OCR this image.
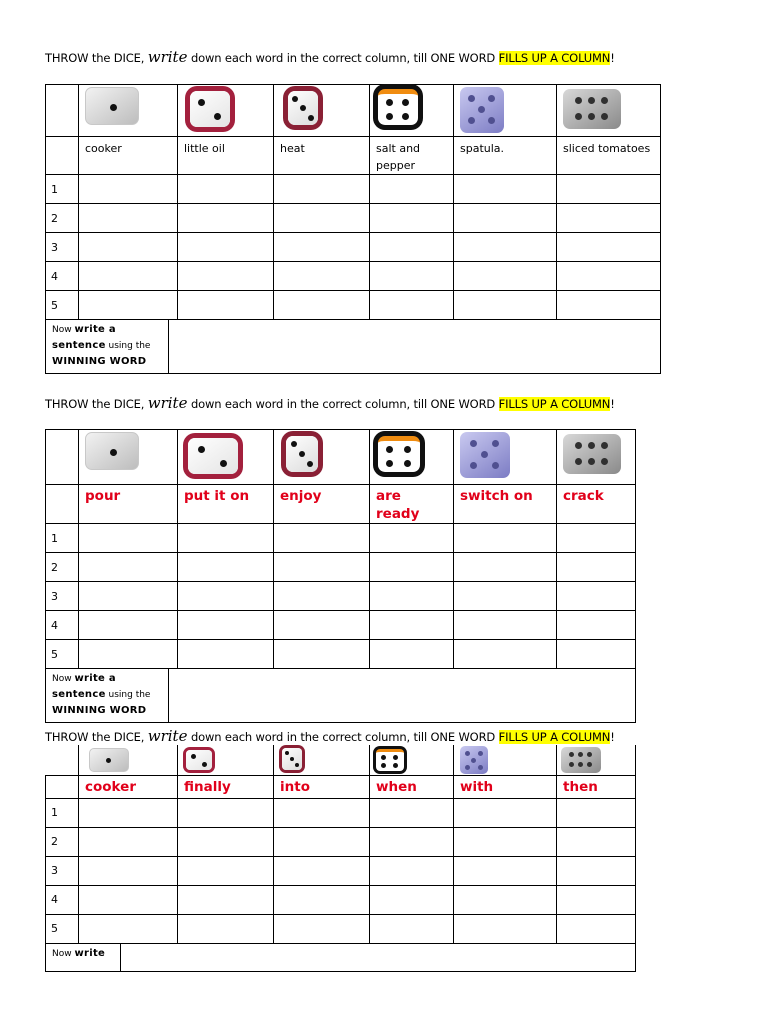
THROW the DICE, write down each word in the correct column, till ONE WORD FILLS UP A COLUMN!

	cooker	little oil	heat	salt and pepper	spatula.	sliced tomatoes
1						
2						
3						
4						
5						
Now write a
sentence using the
WINNING WORD	
THROW the DICE, write down each word in the correct column, till ONE WORD FILLS UP A COLUMN!

	pour	put it on	enjoy	are ready	switch on	crack
1						
2						
3						
4						
5						
Now write a
sentence using the
WINNING WORD	
THROW the DICE, write down each word in the correct column, till ONE WORD FILLS UP A COLUMN!

	cooker	finally	into	when	with	then
1						
2						
3						
4						
5						
Now write	
